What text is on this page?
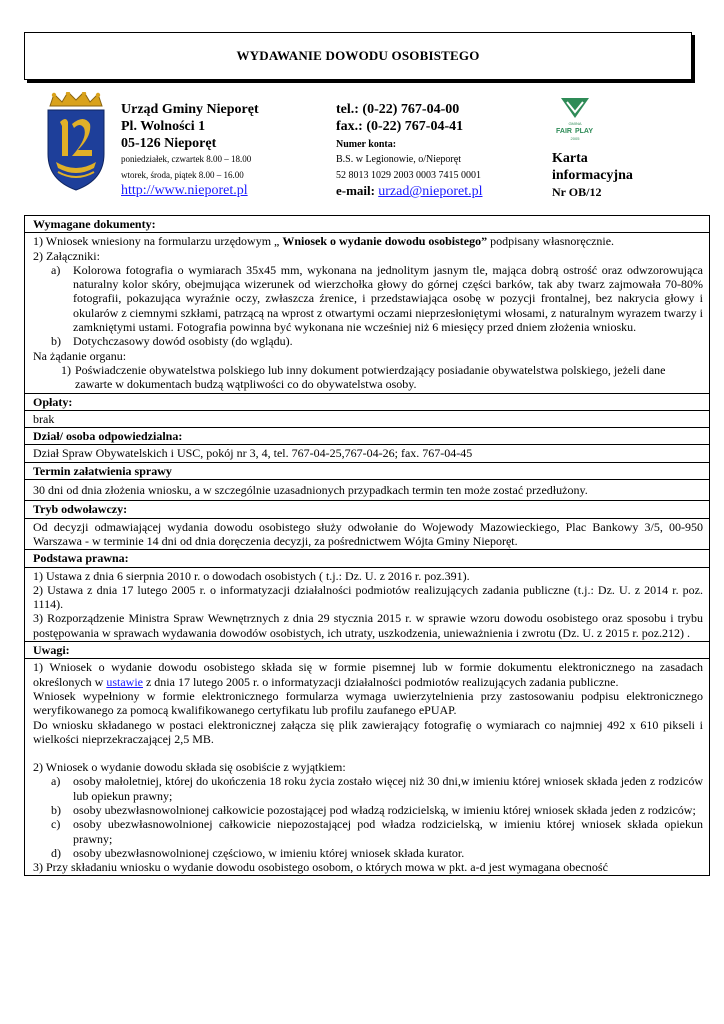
WYDAWANIE DOWODU OSOBISTEGO
Urząd Gminy Nieporęt
Pl. Wolności 1
05-126 Nieporęt
poniedziałek, czwartek 8.00 – 18.00
wtorek, środa, piątek 8.00 – 16.00
http://www.nieporet.pl
tel.: (0-22) 767-04-00
fax.: (0-22) 767-04-41
Numer konta:
B.S. w Legionowie, o/Nieporęt
52 8013 1029 2003 0003 7415 0001
e-mail: urzad@nieporet.pl
GMINA
FAIR PLAY
2005
Karta
informacyjna
Nr OB/12
Wymagane dokumenty:

1) Wniosek wniesiony na formularzu urzędowym „ Wniosek o wydanie dowodu osobistego” podpisany własnoręcznie.
2) Załączniki:
a)	Kolorowa fotografia o wymiarach 35x45 mm, wykonana na jednolitym jasnym tle, mająca dobrą ostrość oraz odwzorowująca naturalny kolor skóry, obejmująca wizerunek od wierzchołka głowy do górnej części barków, tak aby twarz zajmowała 70-80% fotografii, pokazująca wyraźnie oczy, zwłaszcza źrenice, i przedstawiająca osobę w pozycji frontalnej, bez nakrycia głowy i okularów z ciemnymi szkłami, patrzącą na wprost z otwartymi oczami nieprzesłoniętymi włosami, z naturalnym wyrazem twarzy i zamkniętymi ustami. Fotografia powinna być wykonana nie wcześniej niż 6 miesięcy przed dniem złożenia wniosku.
b)	Dotychczasowy dowód osobisty (do wglądu).
Na żądanie organu:
1) Poświadczenie obywatelstwa polskiego lub inny dokument potwierdzający posiadanie obywatelstwa polskiego, jeżeli dane zawarte w dokumentach budzą wątpliwości co do obywatelstwa osoby.

Opłaty:
brak
Dział/ osoba odpowiedzialna:
Dział Spraw Obywatelskich i USC, pokój nr 3, 4, tel. 767-04-25,767-04-26; fax. 767-04-45
Termin załatwienia sprawy
30 dni od dnia złożenia wniosku, a w szczególnie uzasadnionych przypadkach termin ten może zostać przedłużony.
Tryb odwoławczy:
Od decyzji odmawiającej wydania dowodu osobistego służy odwołanie do Wojewody Mazowieckiego, Plac Bankowy 3/5, 00-950 Warszawa - w terminie 14 dni od dnia doręczenia decyzji, za pośrednictwem Wójta Gminy Nieporęt.
Podstawa prawna:

1) Ustawa z dnia 6 sierpnia 2010 r. o dowodach osobistych ( t.j.: Dz. U. z 2016 r. poz.391).
2) Ustawa z dnia 17 lutego 2005 r. o informatyzacji działalności podmiotów realizujących zadania publiczne (t.j.: Dz. U. z 2014 r. poz. 1114).
3) Rozporządzenie Ministra Spraw Wewnętrznych z dnia 29 stycznia 2015 r. w sprawie wzoru dowodu osobistego oraz sposobu i trybu postępowania w sprawach wydawania dowodów osobistych, ich utraty, uszkodzenia, unieważnienia i zwrotu (Dz. U. z 2015 r. poz.212) .

Uwagi:

1) Wniosek o wydanie dowodu osobistego składa się w formie pisemnej lub w formie dokumentu elektronicznego na zasadach określonych w ustawie z dnia 17 lutego 2005 r. o informatyzacji działalności podmiotów realizujących zadania publiczne.
Wniosek wypełniony w formie elektronicznego formularza wymaga uwierzytelnienia przy zastosowaniu podpisu elektronicznego weryfikowanego za pomocą kwalifikowanego certyfikatu lub profilu zaufanego ePUAP.
Do wniosku składanego w postaci elektronicznej załącza się plik zawierający fotografię o wymiarach co najmniej 492 x 610 pikseli i wielkości nieprzekraczającej 2,5 MB.
2) Wniosek o wydanie dowodu składa się osobiście z wyjątkiem:
a)	osoby małoletniej, której do ukończenia 18 roku życia zostało więcej niż 30 dni,w imieniu której wniosek składa jeden z rodziców lub opiekun prawny;
b)	osoby ubezwłasnowolnionej całkowicie pozostającej pod władzą rodzicielską, w imieniu której wniosek składa jeden z rodziców;
c)	osoby ubezwłasnowolnionej całkowicie niepozostającej pod władza rodzicielską, w imieniu której wniosek składa opiekun prawny;
d)	osoby ubezwłasnowolnionej częściowo, w imieniu której wniosek składa kurator.
3) Przy składaniu wniosku o wydanie dowodu osobistego osobom, o których mowa w pkt. a-d jest wymagana obecność
